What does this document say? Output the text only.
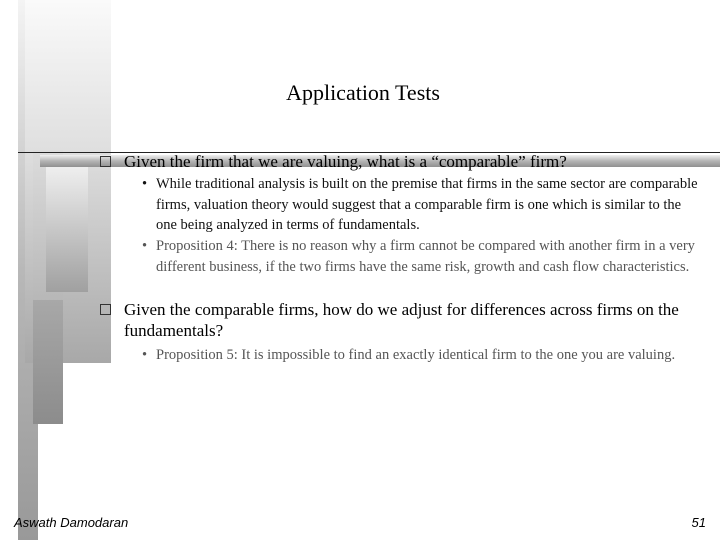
Application Tests
Given the firm that we are valuing, what is a “comparable” firm?
• While traditional analysis is built on the premise that firms in the same sector are comparable firms, valuation theory would suggest that a comparable firm is one which is similar to the one being analyzed in terms of fundamentals.
• Proposition 4: There is no reason why a firm cannot be compared with another firm in a very different business, if the two firms have the same risk, growth and cash flow characteristics.
Given the comparable firms, how do we adjust for differences across firms on the fundamentals?
• Proposition 5: It is impossible to find an exactly identical firm to the one you are valuing.
Aswath Damodaran	51
